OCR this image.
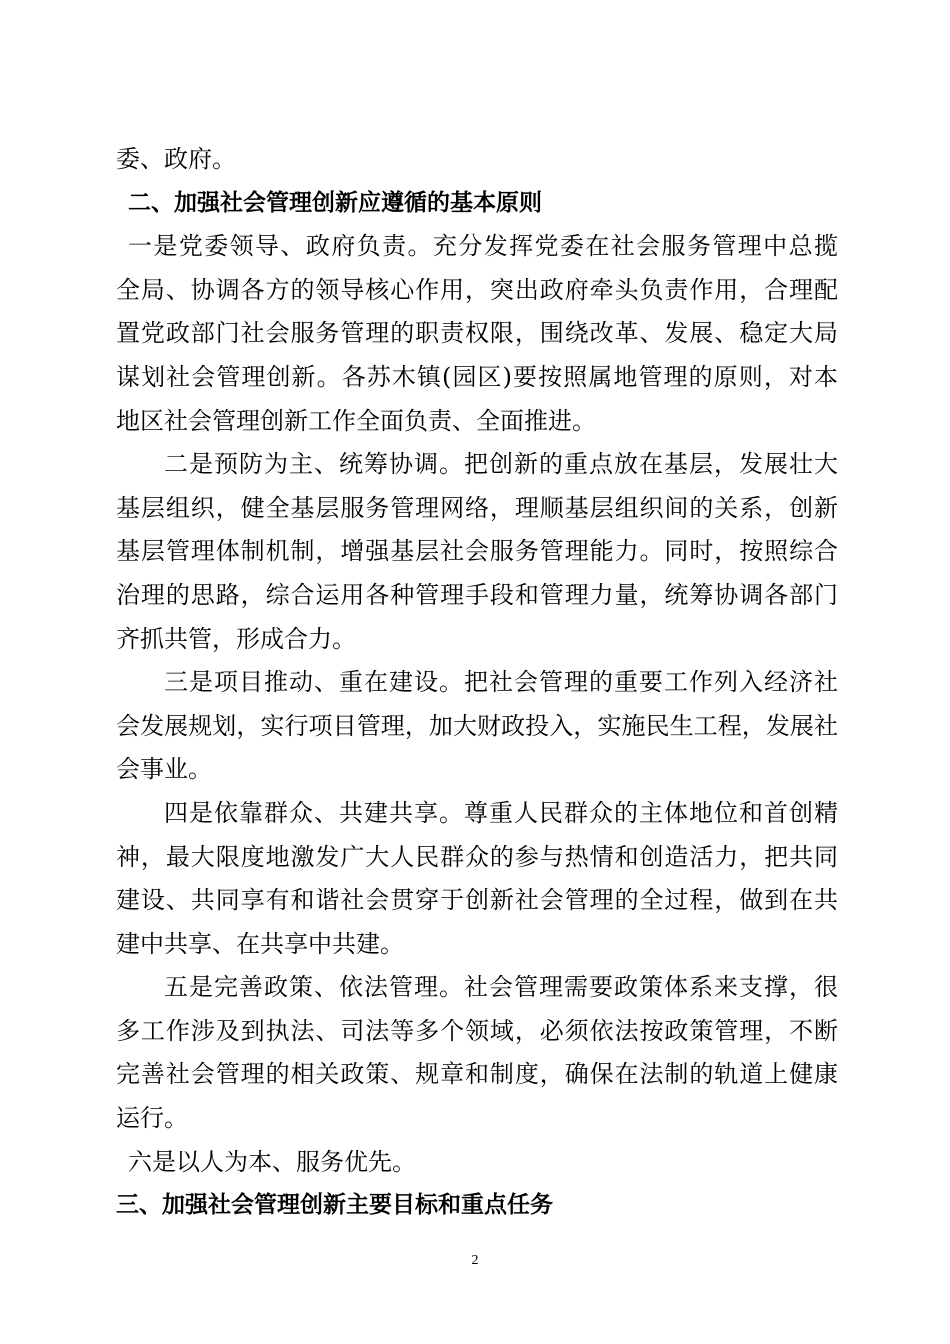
委、政府。
二、加强社会管理创新应遵循的基本原则
一是党委领导、政府负责。充分发挥党委在社会服务管理中总揽
全局、协调各方的领导核心作用，突出政府牵头负责作用，合理配
置党政部门社会服务管理的职责权限，围绕改革、发展、稳定大局
谋划社会管理创新。各苏木镇(园区)要按照属地管理的原则，对本
地区社会管理创新工作全面负责、全面推进。
二是预防为主、统筹协调。把创新的重点放在基层，发展壮大
基层组织，健全基层服务管理网络，理顺基层组织间的关系，创新
基层管理体制机制，增强基层社会服务管理能力。同时，按照综合
治理的思路，综合运用各种管理手段和管理力量，统筹协调各部门
齐抓共管，形成合力。
三是项目推动、重在建设。把社会管理的重要工作列入经济社
会发展规划，实行项目管理，加大财政投入，实施民生工程，发展社
会事业。
四是依靠群众、共建共享。尊重人民群众的主体地位和首创精
神，最大限度地激发广大人民群众的参与热情和创造活力，把共同
建设、共同享有和谐社会贯穿于创新社会管理的全过程，做到在共
建中共享、在共享中共建。
五是完善政策、依法管理。社会管理需要政策体系来支撑，很
多工作涉及到执法、司法等多个领域，必须依法按政策管理，不断
完善社会管理的相关政策、规章和制度，确保在法制的轨道上健康
运行。
六是以人为本、服务优先。
三、加强社会管理创新主要目标和重点任务
2
